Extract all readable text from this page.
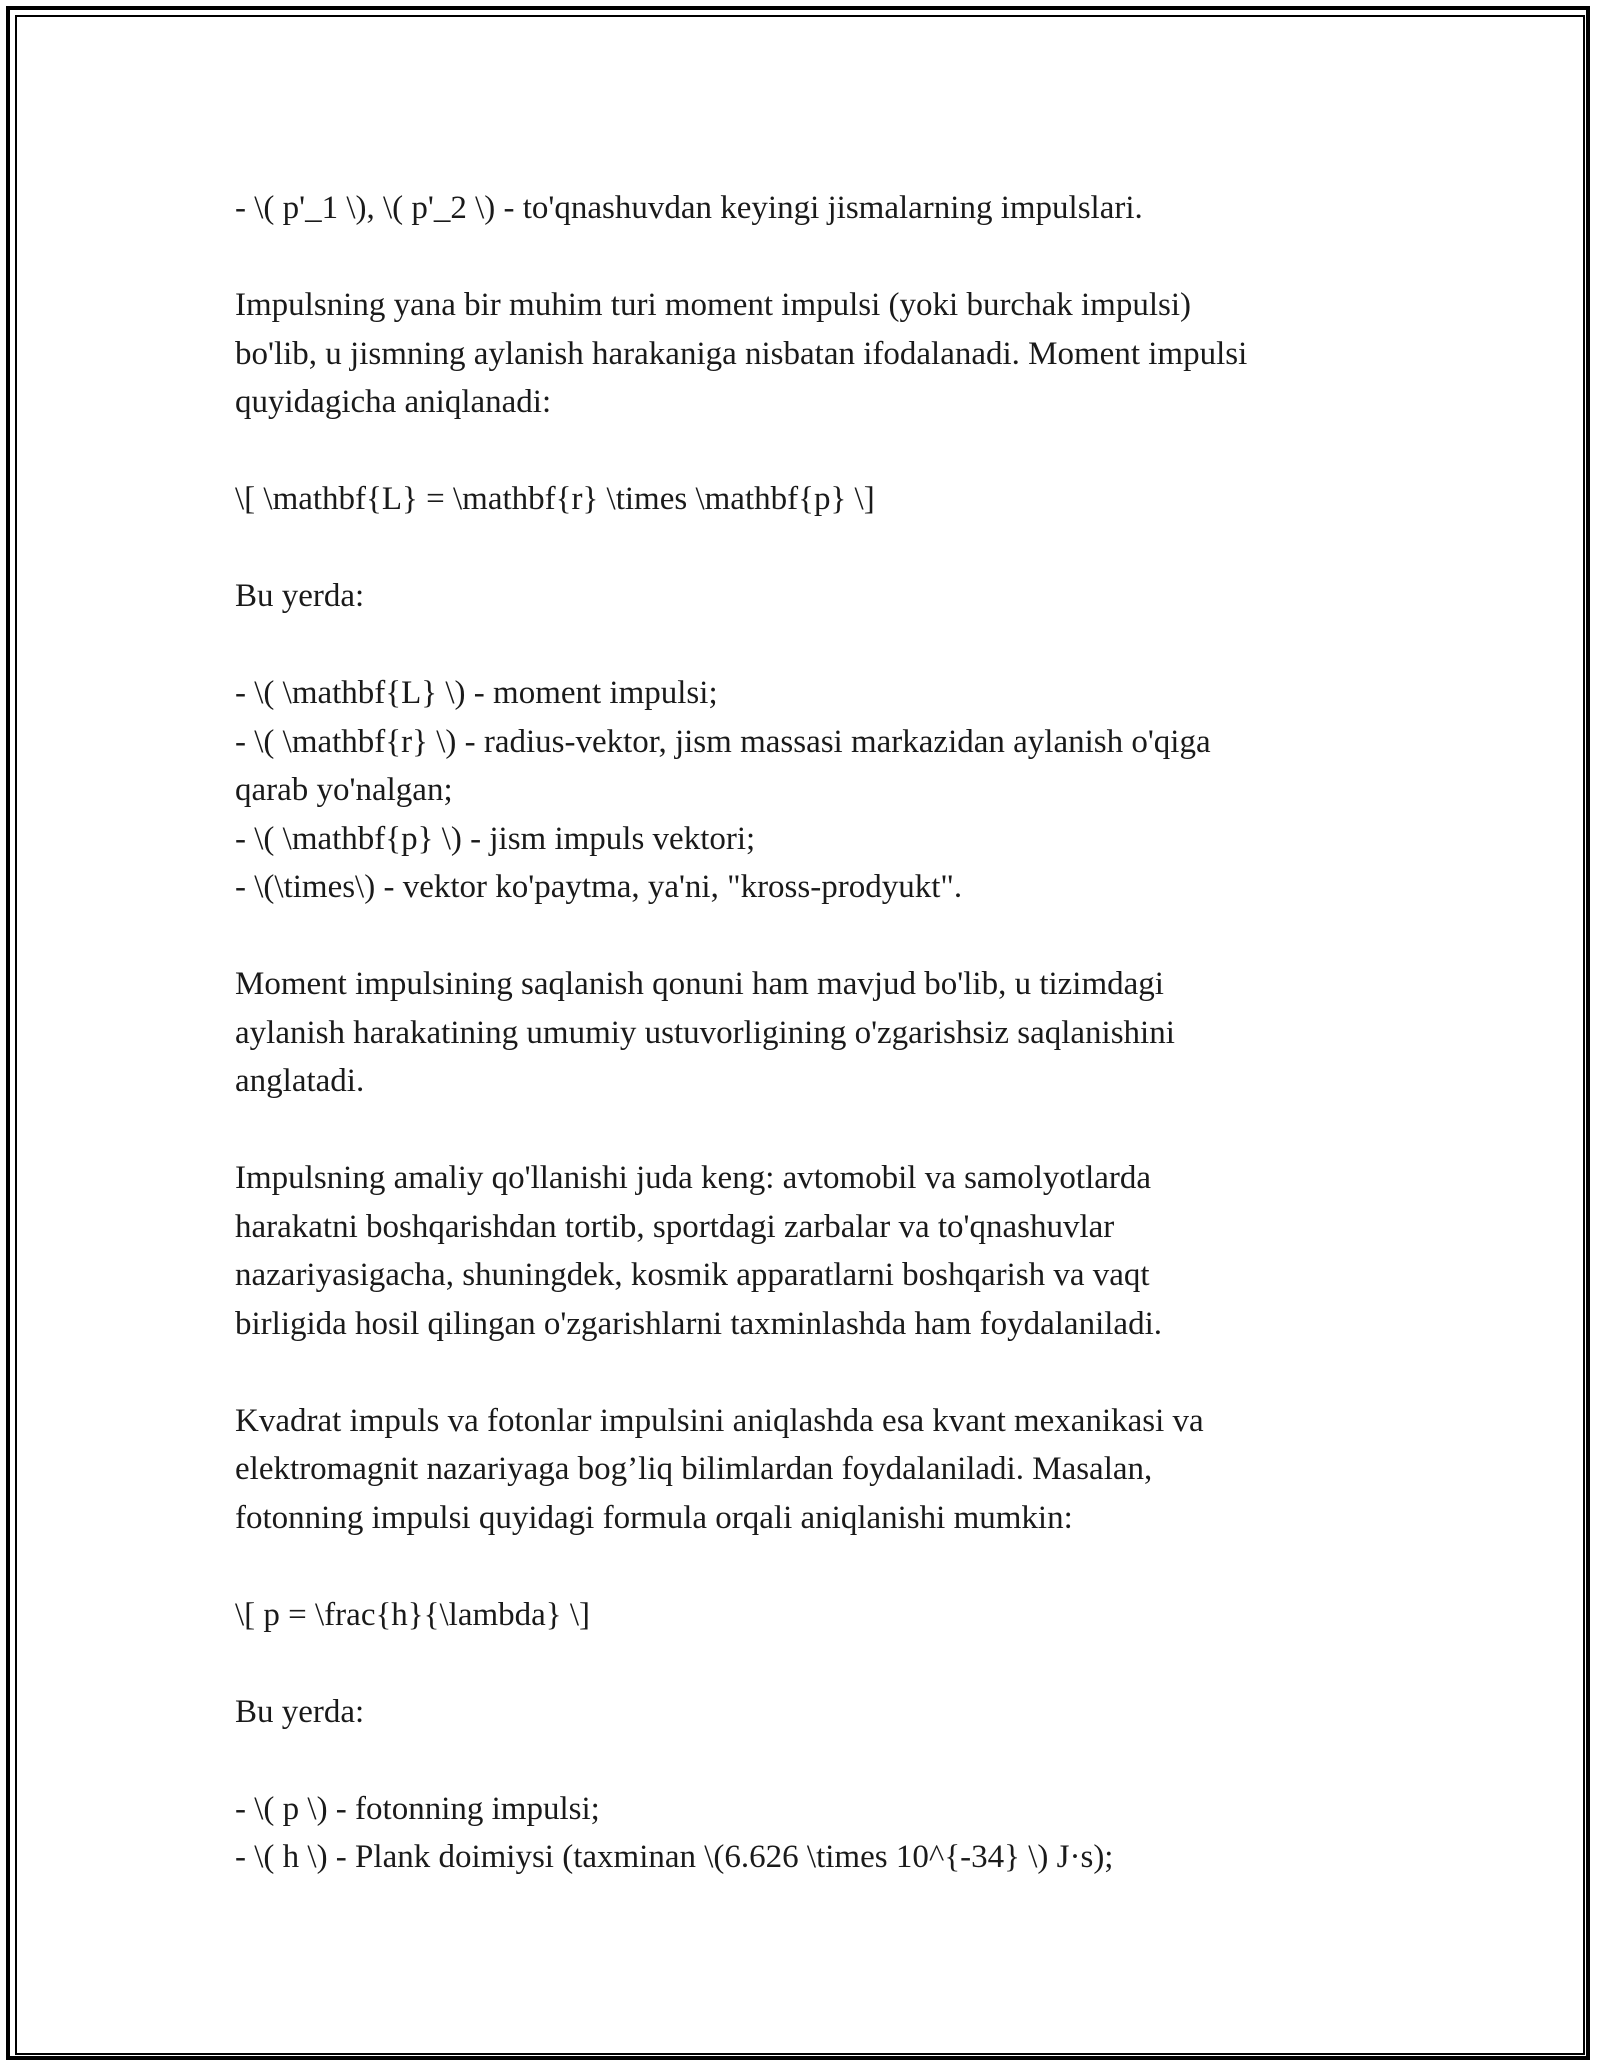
- \( p'_1 \), \( p'_2 \) - to'qnashuvdan keyingi jismalarning impulslari.

Impulsning yana bir muhim turi moment impulsi (yoki burchak impulsi)
bo'lib, u jismning aylanish harakaniga nisbatan ifodalanadi. Moment impulsi
quyidagicha aniqlanadi:

\[ \mathbf{L} = \mathbf{r} \times \mathbf{p} \]

Bu yerda:

- \( \mathbf{L} \) - moment impulsi;
- \( \mathbf{r} \) - radius-vektor, jism massasi markazidan aylanish o'qiga
qarab yo'nalgan;
- \( \mathbf{p} \) - jism impuls vektori;
- \(\times\) - vektor ko'paytma, ya'ni, "kross-prodyukt".

Moment impulsining saqlanish qonuni ham mavjud bo'lib, u tizimdagi
aylanish harakatining umumiy ustuvorligining o'zgarishsiz saqlanishini
anglatadi.

Impulsning amaliy qo'llanishi juda keng: avtomobil va samolyotlarda
harakatni boshqarishdan tortib, sportdagi zarbalar va to'qnashuvlar
nazariyasigacha, shuningdek, kosmik apparatlarni boshqarish va vaqt
birligida hosil qilingan o'zgarishlarni taxminlashda ham foydalaniladi.

Kvadrat impuls va fotonlar impulsini aniqlashda esa kvant mexanikasi va
elektromagnit nazariyaga bog’liq bilimlardan foydalaniladi. Masalan,
fotonning impulsi quyidagi formula orqali aniqlanishi mumkin:

\[ p = \frac{h}{\lambda} \]

Bu yerda:

- \( p \) - fotonning impulsi;
- \( h \) - Plank doimiysi (taxminan \(6.626 \times 10^{-34} \) J·s);
